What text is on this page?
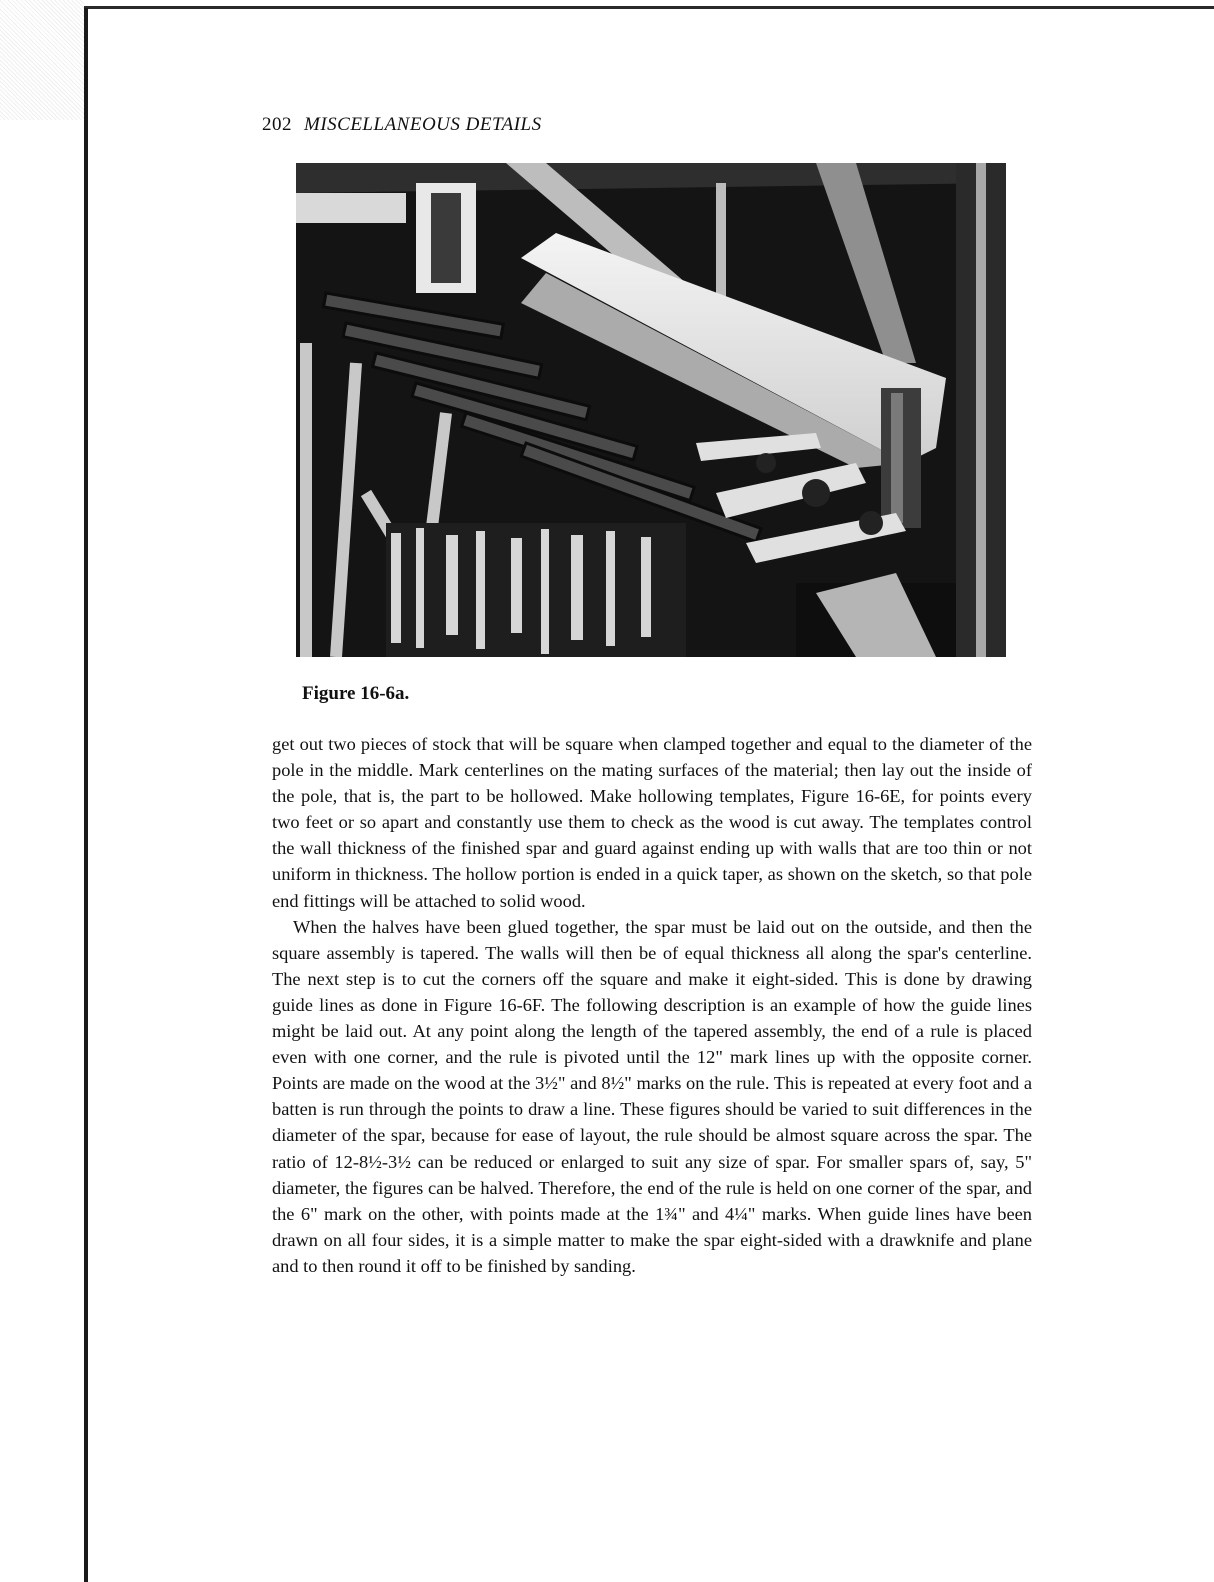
202 MISCELLANEOUS DETAILS
Figure 16-6a.

get out two pieces of stock that will be square when clamped together and equal to the diameter of the pole in the middle. Mark centerlines on the mating surfaces of the material; then lay out the inside of the pole, that is, the part to be hollowed. Make hollowing templates, Figure 16-6E, for points every two feet or so apart and constantly use them to check as the wood is cut away. The templates control the wall thickness of the finished spar and guard against ending up with walls that are too thin or not uniform in thickness. The hollow portion is ended in a quick taper, as shown on the sketch, so that pole end fittings will be attached to solid wood.

When the halves have been glued together, the spar must be laid out on the outside, and then the square assembly is tapered. The walls will then be of equal thickness all along the spar's centerline. The next step is to cut the corners off the square and make it eight-sided. This is done by drawing guide lines as done in Figure 16-6F. The following description is an example of how the guide lines might be laid out. At any point along the length of the tapered assembly, the end of a rule is placed even with one corner, and the rule is pivoted until the 12" mark lines up with the opposite corner. Points are made on the wood at the 3½" and 8½" marks on the rule. This is repeated at every foot and a batten is run through the points to draw a line. These figures should be varied to suit differences in the diameter of the spar, because for ease of layout, the rule should be almost square across the spar. The ratio of 12-8½-3½ can be reduced or enlarged to suit any size of spar. For smaller spars of, say, 5" diameter, the figures can be halved. Therefore, the end of the rule is held on one corner of the spar, and the 6" mark on the other, with points made at the 1¾" and 4¼" marks. When guide lines have been drawn on all four sides, it is a simple matter to make the spar eight-sided with a drawknife and plane and to then round it off to be finished by sanding.
